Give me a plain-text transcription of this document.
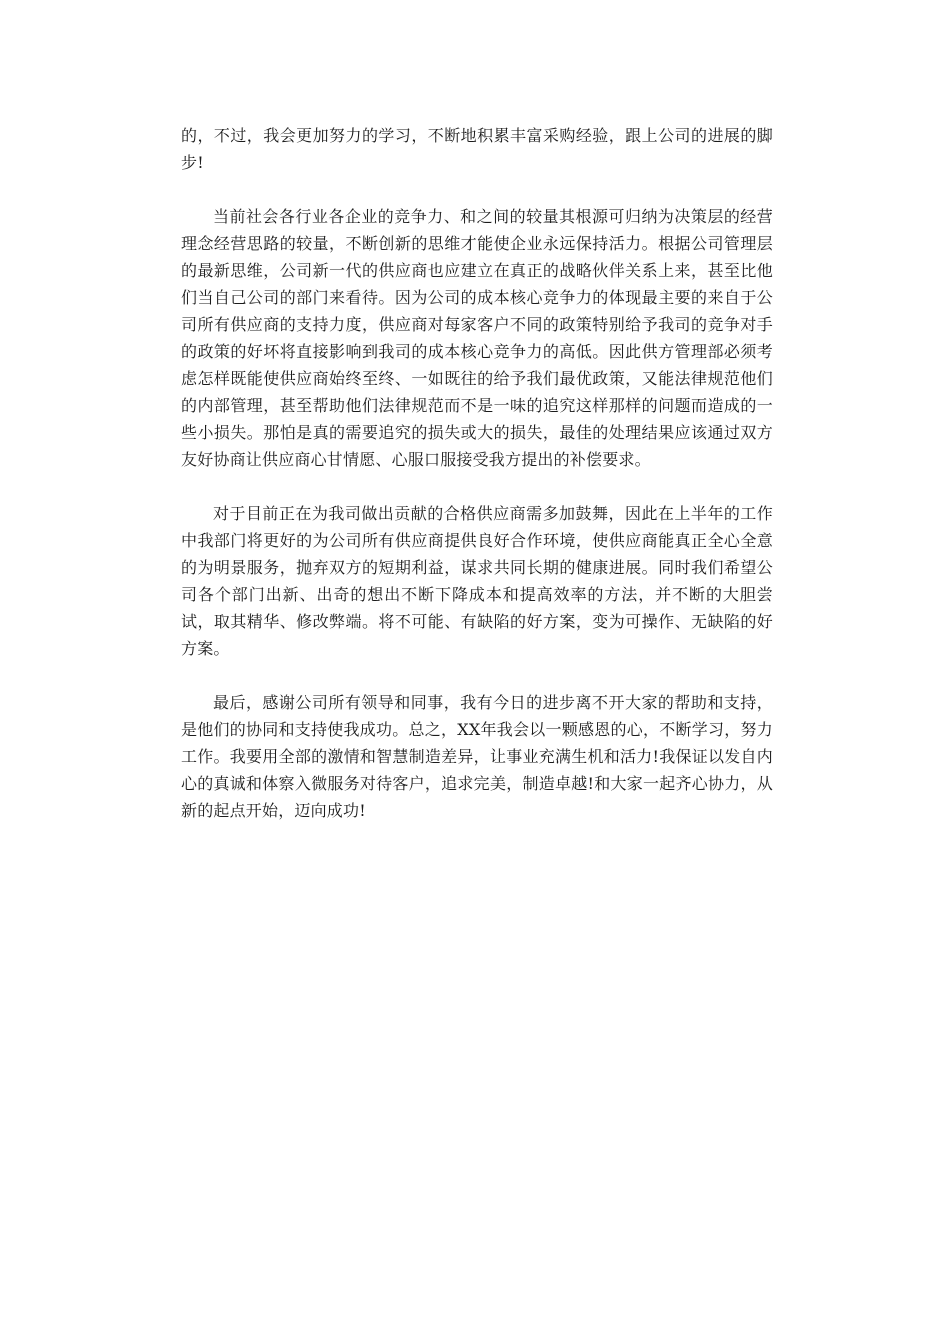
的，不过，我会更加努力的学习，不断地积累丰富采购经验，跟上公司的进展的脚步!

当前社会各行业各企业的竞争力、和之间的较量其根源可归纳为决策层的经营理念经营思路的较量，不断创新的思维才能使企业永远保持活力。根据公司管理层的最新思维，公司新一代的供应商也应建立在真正的战略伙伴关系上来，甚至比他们当自己公司的部门来看待。因为公司的成本核心竞争力的体现最主要的来自于公司所有供应商的支持力度，供应商对每家客户不同的政策特别给予我司的竞争对手的政策的好坏将直接影响到我司的成本核心竞争力的高低。因此供方管理部必须考虑怎样既能使供应商始终至终、一如既往的给予我们最优政策，又能法律规范他们的内部管理，甚至帮助他们法律规范而不是一味的追究这样那样的问题而造成的一些小损失。那怕是真的需要追究的损失或大的损失，最佳的处理结果应该通过双方友好协商让供应商心甘情愿、心服口服接受我方提出的补偿要求。

对于目前正在为我司做出贡献的合格供应商需多加鼓舞，因此在上半年的工作中我部门将更好的为公司所有供应商提供良好合作环境，使供应商能真正全心全意的为明景服务，抛弃双方的短期利益，谋求共同长期的健康进展。同时我们希望公司各个部门出新、出奇的想出不断下降成本和提高效率的方法，并不断的大胆尝试，取其精华、修改弊端。将不可能、有缺陷的好方案，变为可操作、无缺陷的好方案。

最后，感谢公司所有领导和同事，我有今日的进步离不开大家的帮助和支持，是他们的协同和支持使我成功。总之，XX年我会以一颗感恩的心，不断学习，努力工作。我要用全部的激情和智慧制造差异，让事业充满生机和活力!我保证以发自内心的真诚和体察入微服务对待客户，追求完美，制造卓越!和大家一起齐心协力，从新的起点开始，迈向成功!
